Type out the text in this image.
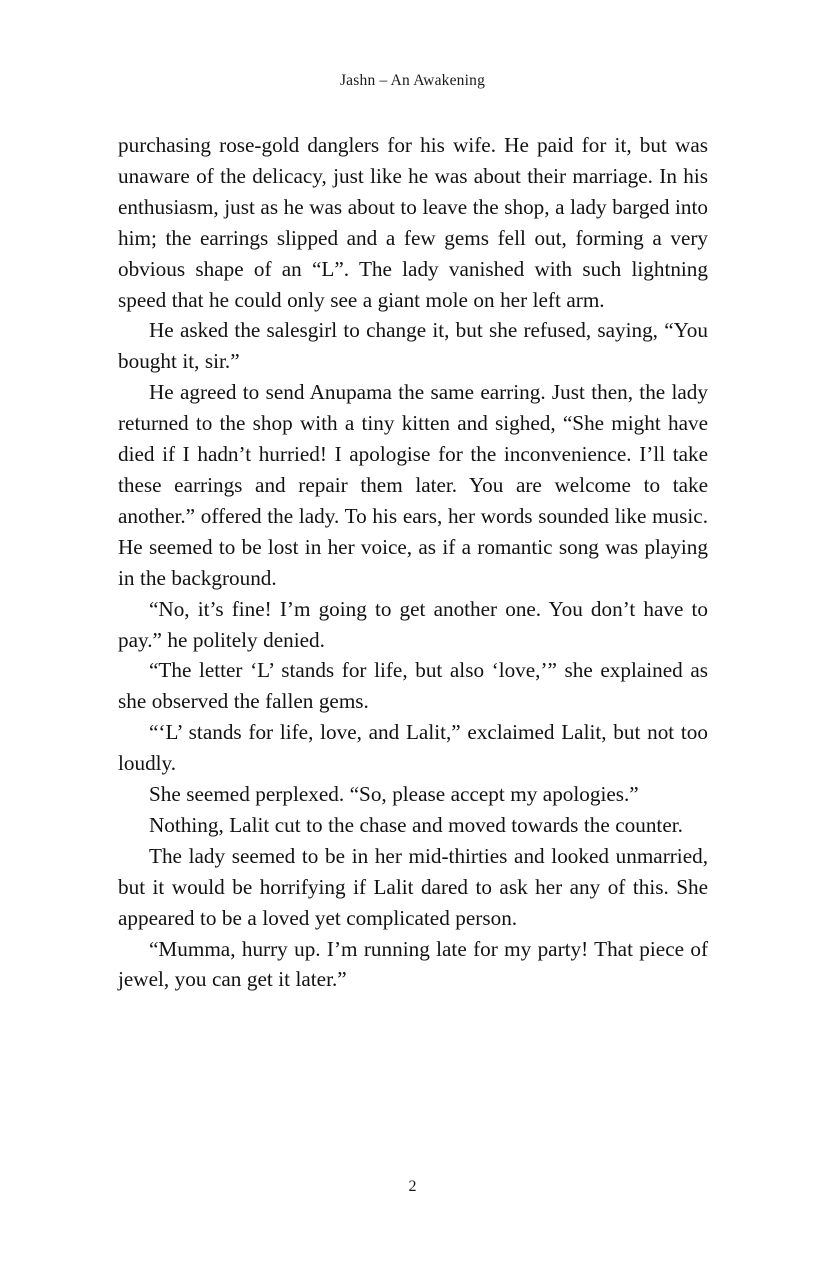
Jashn – An Awakening

purchasing rose-gold danglers for his wife. He paid for it, but was unaware of the delicacy, just like he was about their marriage. In his enthusiasm, just as he was about to leave the shop, a lady barged into him; the earrings slipped and a few gems fell out, forming a very obvious shape of an “L”. The lady vanished with such lightning speed that he could only see a giant mole on her left arm.

He asked the salesgirl to change it, but she refused, saying, “You bought it, sir.”

He agreed to send Anupama the same earring. Just then, the lady returned to the shop with a tiny kitten and sighed, “She might have died if I hadn’t hurried! I apologise for the inconvenience. I’ll take these earrings and repair them later. You are welcome to take another.” offered the lady. To his ears, her words sounded like music. He seemed to be lost in her voice, as if a romantic song was playing in the background.

“No, it’s fine! I’m going to get another one. You don’t have to pay.” he politely denied.

“The letter ‘L’ stands for life, but also ‘love,’” she explained as she observed the fallen gems.

“‘L’ stands for life, love, and Lalit,” exclaimed Lalit, but not too loudly.

She seemed perplexed. “So, please accept my apologies.”

Nothing, Lalit cut to the chase and moved towards the counter.

The lady seemed to be in her mid-thirties and looked unmarried, but it would be horrifying if Lalit dared to ask her any of this. She appeared to be a loved yet complicated person.

“Mumma, hurry up. I’m running late for my party! That piece of jewel, you can get it later.”

2
